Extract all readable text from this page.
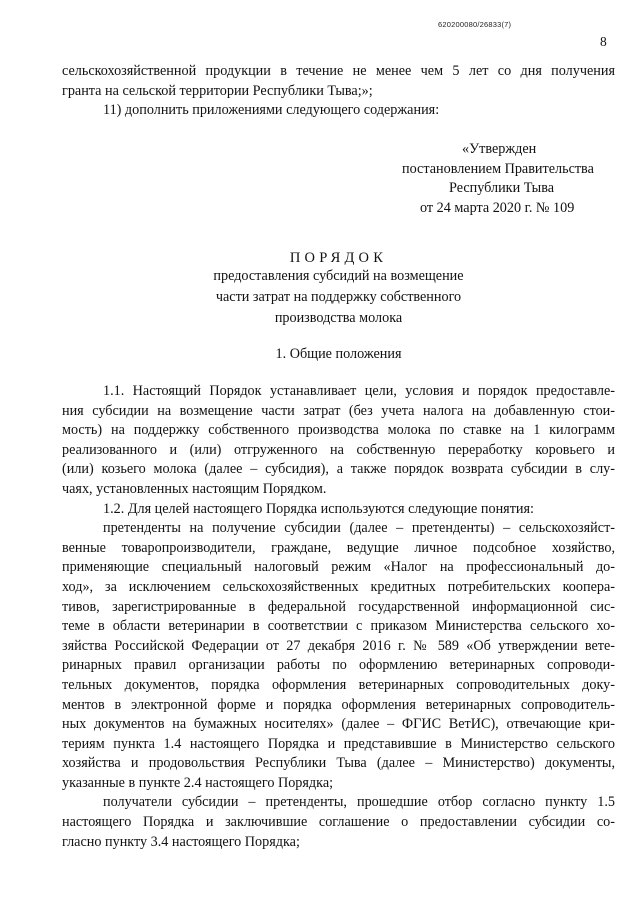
620200080/26833(7)
8
сельскохозяйственной продукции в течение не менее чем 5 лет со дня получения
гранта на сельской территории Республики Тыва;»;
11) дополнить приложениями следующего содержания:
«Утвержден
постановлением Правительства
Республики Тыва
от 24 марта 2020 г. № 109
ПОРЯДОК
предоставления субсидий на возмещение
части затрат на поддержку собственного
производства молока
1. Общие положения
1.1. Настоящий Порядок устанавливает цели, условия и порядок предоставле-
ния субсидии на возмещение части затрат (без учета налога на добавленную стои-
мость) на поддержку собственного производства молока по ставке на 1 килограмм
реализованного и (или) отгруженного на собственную переработку коровьего и
(или) козьего молока (далее – субсидия), а также порядок возврата субсидии в слу-
чаях, установленных настоящим Порядком.
1.2. Для целей настоящего Порядка используются следующие понятия:
претенденты на получение субсидии (далее – претенденты) – сельскохозяйст-
венные товаропроизводители, граждане, ведущие личное подсобное хозяйство,
применяющие специальный налоговый режим «Налог на профессиональный до-
ход», за исключением сельскохозяйственных кредитных потребительских коопера-
тивов, зарегистрированные в федеральной государственной информационной сис-
теме в области ветеринарии в соответствии с приказом Министерства сельского хо-
зяйства Российской Федерации от 27 декабря 2016 г. № 589 «Об утверждении вете-
ринарных правил организации работы по оформлению ветеринарных сопроводи-
тельных документов, порядка оформления ветеринарных сопроводительных доку-
ментов в электронной форме и порядка оформления ветеринарных сопроводитель-
ных документов на бумажных носителях» (далее – ФГИС ВетИС), отвечающие кри-
териям пункта 1.4 настоящего Порядка и представившие в Министерство сельского
хозяйства и продовольствия Республики Тыва (далее – Министерство) документы,
указанные в пункте 2.4 настоящего Порядка;
получатели субсидии – претенденты, прошедшие отбор согласно пункту 1.5
настоящего Порядка и заключившие соглашение о предоставлении субсидии со-
гласно пункту 3.4 настоящего Порядка;
